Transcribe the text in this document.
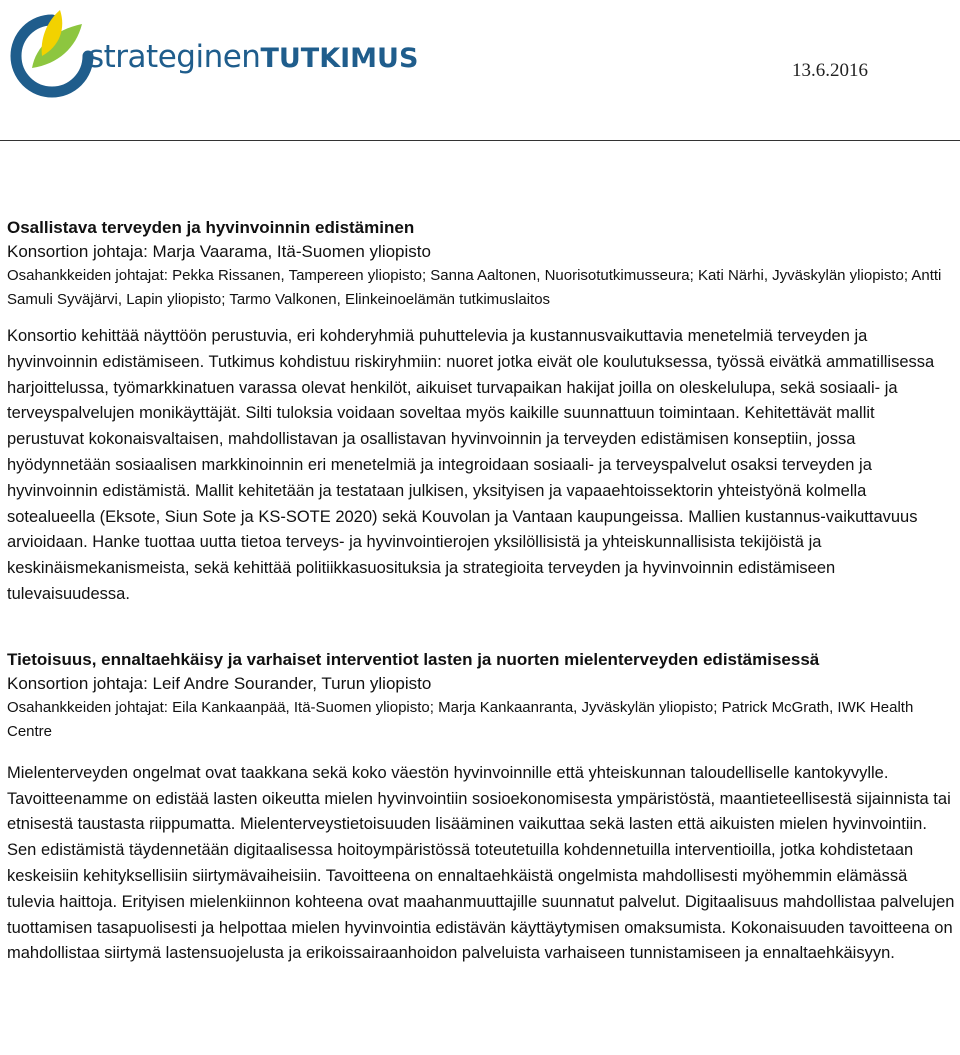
strateginenTUTKIMUS	13.6.2016
Osallistava terveyden ja hyvinvoinnin edistäminen

Konsortion johtaja: Marja Vaarama, Itä-Suomen yliopisto

Osahankkeiden johtajat: Pekka Rissanen, Tampereen yliopisto; Sanna Aaltonen, Nuorisotutkimusseura; Kati Närhi, Jyväskylän yliopisto; Antti Samuli Syväjärvi, Lapin yliopisto; Tarmo Valkonen, Elinkeinoelämän tutkimuslaitos

Konsortio kehittää näyttöön perustuvia, eri kohderyhmiä puhuttelevia ja kustannusvaikuttavia menetelmiä terveyden ja hyvinvoinnin edistämiseen. Tutkimus kohdistuu riskiryhmiin: nuoret jotka eivät ole koulutuksessa, työssä eivätkä ammatillisessa harjoittelussa, työmarkkinatuen varassa olevat henkilöt, aikuiset turvapaikan hakijat joilla on oleskelulupa, sekä sosiaali- ja terveyspalvelujen monikäyttäjät. Silti tuloksia voidaan soveltaa myös kaikille suunnattuun toimintaan. Kehitettävät mallit perustuvat kokonaisvaltaisen, mahdollistavan ja osallistavan hyvinvoinnin ja terveyden edistämisen konseptiin, jossa hyödynnetään sosiaalisen markkinoinnin eri menetelmiä ja integroidaan sosiaali- ja terveyspalvelut osaksi terveyden ja hyvinvoinnin edistämistä. Mallit kehitetään ja testataan julkisen, yksityisen ja vapaaehtoissektorin yhteistyönä kolmella sotealueella (Eksote, Siun Sote ja KS-SOTE 2020) sekä Kouvolan ja Vantaan kaupungeissa. Mallien kustannus-vaikuttavuus arvioidaan. Hanke tuottaa uutta tietoa terveys- ja hyvinvointierojen yksilöllisistä ja yhteiskunnallisista tekijöistä ja keskinäismekanismeista, sekä kehittää politiikkasuosituksia ja strategioita terveyden ja hyvinvoinnin edistämiseen tulevaisuudessa.

Tietoisuus, ennaltaehkäisy ja varhaiset interventiot lasten ja nuorten mielenterveyden edistämisessä

Konsortion johtaja: Leif Andre Sourander, Turun yliopisto

Osahankkeiden johtajat: Eila Kankaanpää, Itä-Suomen yliopisto; Marja Kankaanranta, Jyväskylän yliopisto; Patrick McGrath, IWK Health Centre

Mielenterveyden ongelmat ovat taakkana sekä koko väestön hyvinvoinnille että yhteiskunnan taloudelliselle kantokyvylle. Tavoitteenamme on edistää lasten oikeutta mielen hyvinvointiin sosioekonomisesta ympäristöstä, maantieteellisestä sijainnista tai etnisestä taustasta riippumatta. Mielenterveystietoisuuden lisääminen vaikuttaa sekä lasten että aikuisten mielen hyvinvointiin. Sen edistämistä täydennetään digitaalisessa hoitoympäristössä toteutetuilla kohdennetuilla interventioilla, jotka kohdistetaan keskeisiin kehityksellisiin siirtymävaiheisiin. Tavoitteena on ennaltaehkäistä ongelmista mahdollisesti myöhemmin elämässä tulevia haittoja. Erityisen mielenkiinnon kohteena ovat maahanmuuttajille suunnatut palvelut. Digitaalisuus mahdollistaa palvelujen tuottamisen tasapuolisesti ja helpottaa mielen hyvinvointia edistävän käyttäytymisen omaksumista. Kokonaisuuden tavoitteena on mahdollistaa siirtymä lastensuojelusta ja erikoissairaanhoidon palveluista varhaiseen tunnistamiseen ja ennaltaehkäisyyn.
